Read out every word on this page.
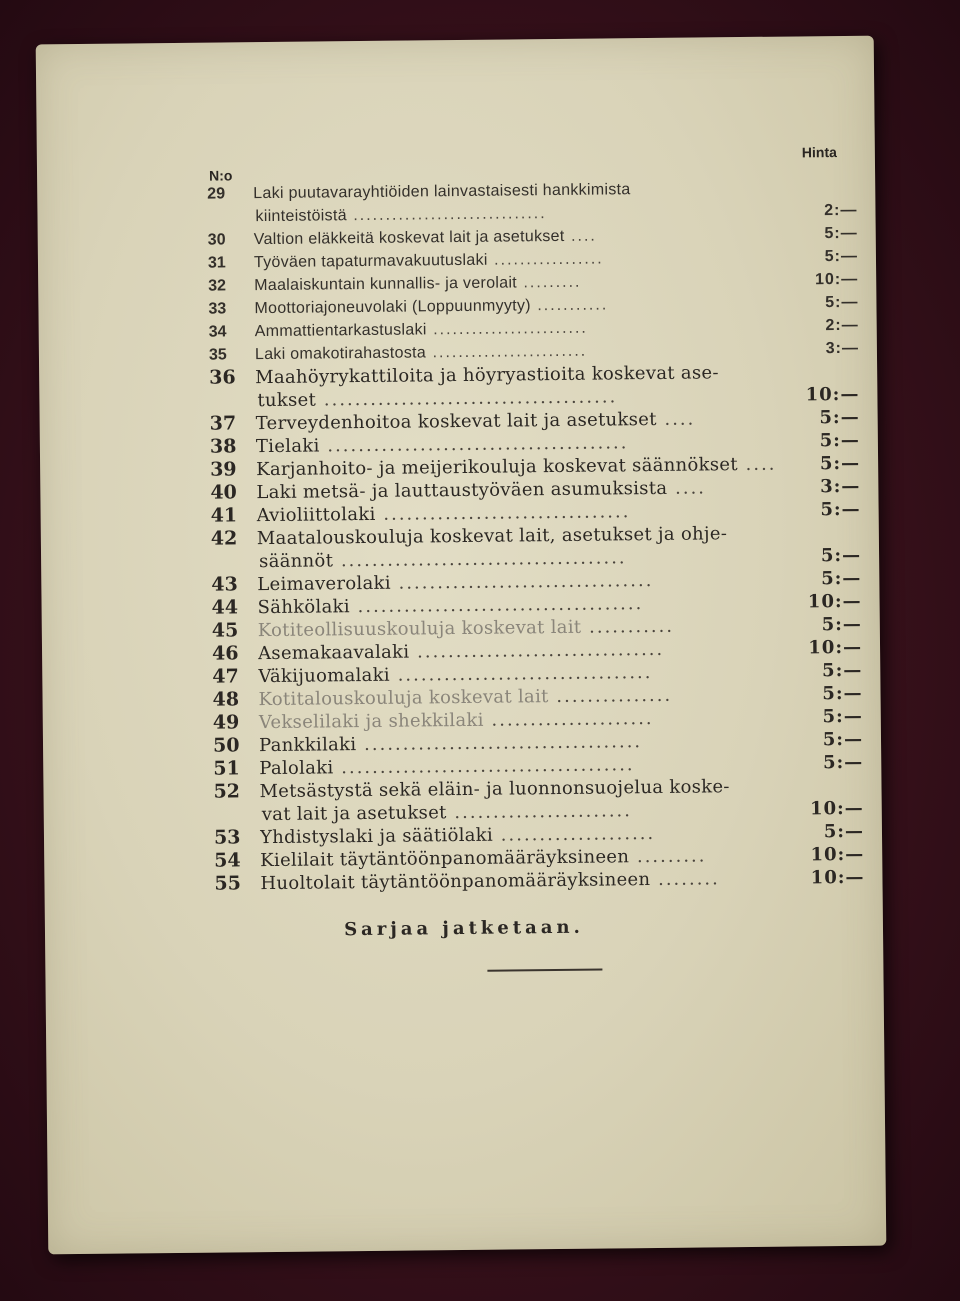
Hinta
N:o
29	Laki puutavarayhtiöiden lainvastaisesti hankkimista
kiinteistöistä ..............................	2:—
30	Valtion eläkkeitä koskevat lait ja asetukset ....	5:—
31	Työväen tapaturmavakuutuslaki .................	5:—
32	Maalaiskuntain kunnallis- ja verolait .........	10:—
33	Moottoriajoneuvolaki (Loppuunmyyty) ...........	5:—
34	Ammattientarkastuslaki ........................	2:—
35	Laki omakotirahastosta ........................	3:—
36	Maahöyrykattiloita ja höyryastioita koskevat ase-
tukset ......................................	10:—
37	Terveydenhoitoa koskevat lait ja asetukset ....	5:—
38	Tielaki .......................................	5:—
39	Karjanhoito- ja meijerikouluja koskevat säännökset ....	5:—
40	Laki metsä- ja lauttaustyöväen asumuksista ....	3:—
41	Avioliittolaki ................................	5:—
42	Maatalouskouluja koskevat lait, asetukset ja ohje-
säännöt .....................................	5:—
43	Leimaverolaki .................................	5:—
44	Sähkölaki .....................................	10:—
45	Kotiteollisuuskouluja koskevat lait ...........	5:—
46	Asemakaavalaki ................................	10:—
47	Väkijuomalaki .................................	5:—
48	Kotitalouskouluja koskevat lait ...............	5:—
49	Vekselilaki ja shekkilaki .....................	5:—
50	Pankkilaki ....................................	5:—
51	Palolaki ......................................	5:—
52	Metsästystä sekä eläin- ja luonnonsuojelua koske-
vat lait ja asetukset .......................	10:—
53	Yhdistyslaki ja säätiölaki ....................	5:—
54	Kielilait täytäntöönpanomääräyksineen .........	10:—
55	Huoltolait täytäntöönpanomääräyksineen ........	10:—
Sarjaa jatketaan.
